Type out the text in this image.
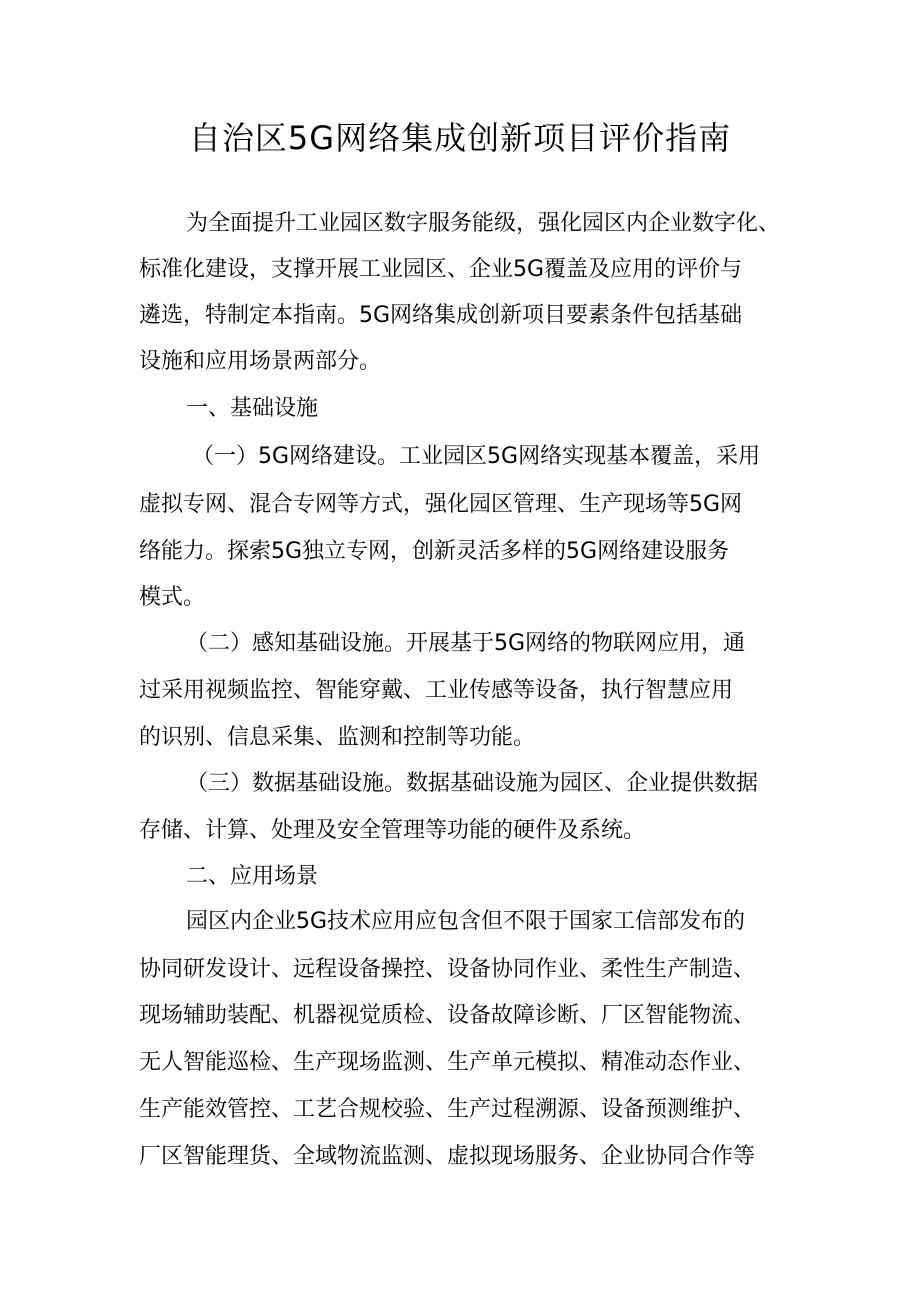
自治区5G网络集成创新项目评价指南
为全面提升工业园区数字服务能级，强化园区内企业数字化、
标准化建设，支撑开展工业园区、企业5G覆盖及应用的评价与
遴选，特制定本指南。5G网络集成创新项目要素条件包括基础
设施和应用场景两部分。
一、基础设施
（一）5G网络建设。工业园区5G网络实现基本覆盖，采用
虚拟专网、混合专网等方式，强化园区管理、生产现场等5G网
络能力。探索5G独立专网，创新灵活多样的5G网络建设服务
模式。
（二）感知基础设施。开展基于5G网络的物联网应用，通
过采用视频监控、智能穿戴、工业传感等设备，执行智慧应用
的识别、信息采集、监测和控制等功能。
（三）数据基础设施。数据基础设施为园区、企业提供数据
存储、计算、处理及安全管理等功能的硬件及系统。
二、应用场景
园区内企业5G技术应用应包含但不限于国家工信部发布的
协同研发设计、远程设备操控、设备协同作业、柔性生产制造、
现场辅助装配、机器视觉质检、设备故障诊断、厂区智能物流、
无人智能巡检、生产现场监测、生产单元模拟、精准动态作业、
生产能效管控、工艺合规校验、生产过程溯源、设备预测维护、
厂区智能理货、全域物流监测、虚拟现场服务、企业协同合作等
